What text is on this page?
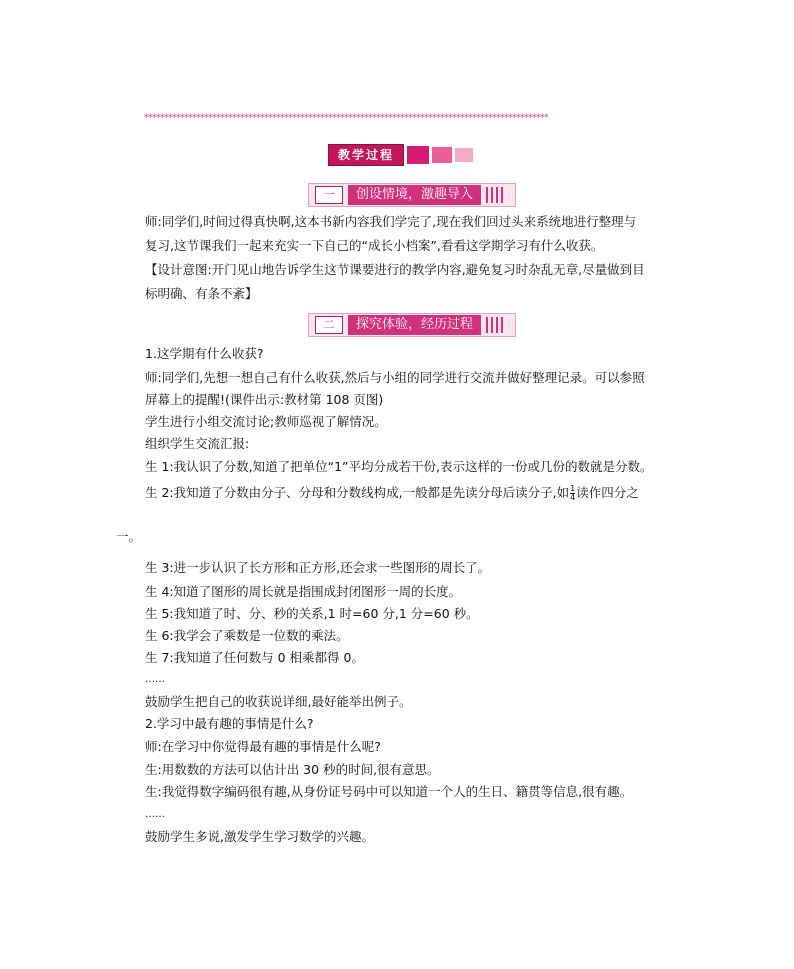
*****************************************************************************************************
教学过程
一	创设情境，激趣导入
师:同学们,时间过得真快啊,这本书新内容我们学完了,现在我们回过头来系统地进行整理与
复习,这节课我们一起来充实一下自己的“成长小档案”,看看这学期学习有什么收获。
【设计意图:开门见山地告诉学生这节课要进行的教学内容,避免复习时杂乱无章,尽量做到目
标明确、有条不紊】
二	探究体验，经历过程
1.这学期有什么收获?
师:同学们,先想一想自己有什么收获,然后与小组的同学进行交流并做好整理记录。可以参照
屏幕上的提醒!(课件出示:教材第 108 页图)
学生进行小组交流讨论;教师巡视了解情况。
组织学生交流汇报:
生 1:我认识了分数,知道了把单位“1”平均分成若干份,表示这样的一份或几份的数就是分数。
生 2:我知道了分数由分子、分母和分数线构成,一般都是先读分母后读分子,如 $\frac{1}{4}$ 读作四分之
一。
生 3:进一步认识了长方形和正方形,还会求一些图形的周长了。
生 4:知道了图形的周长就是指围成封闭图形一周的长度。
生 5:我知道了时、分、秒的关系,1 时=60 分,1 分=60 秒。
生 6:我学会了乘数是一位数的乘法。
生 7:我知道了任何数与 0 相乘都得 0。
……
鼓励学生把自己的收获说详细,最好能举出例子。
2.学习中最有趣的事情是什么?
师:在学习中你觉得最有趣的事情是什么呢?
生:用数数的方法可以估计出 30 秒的时间,很有意思。
生:我觉得数字编码很有趣,从身份证号码中可以知道一个人的生日、籍贯等信息,很有趣。
……
鼓励学生多说,激发学生学习数学的兴趣。
